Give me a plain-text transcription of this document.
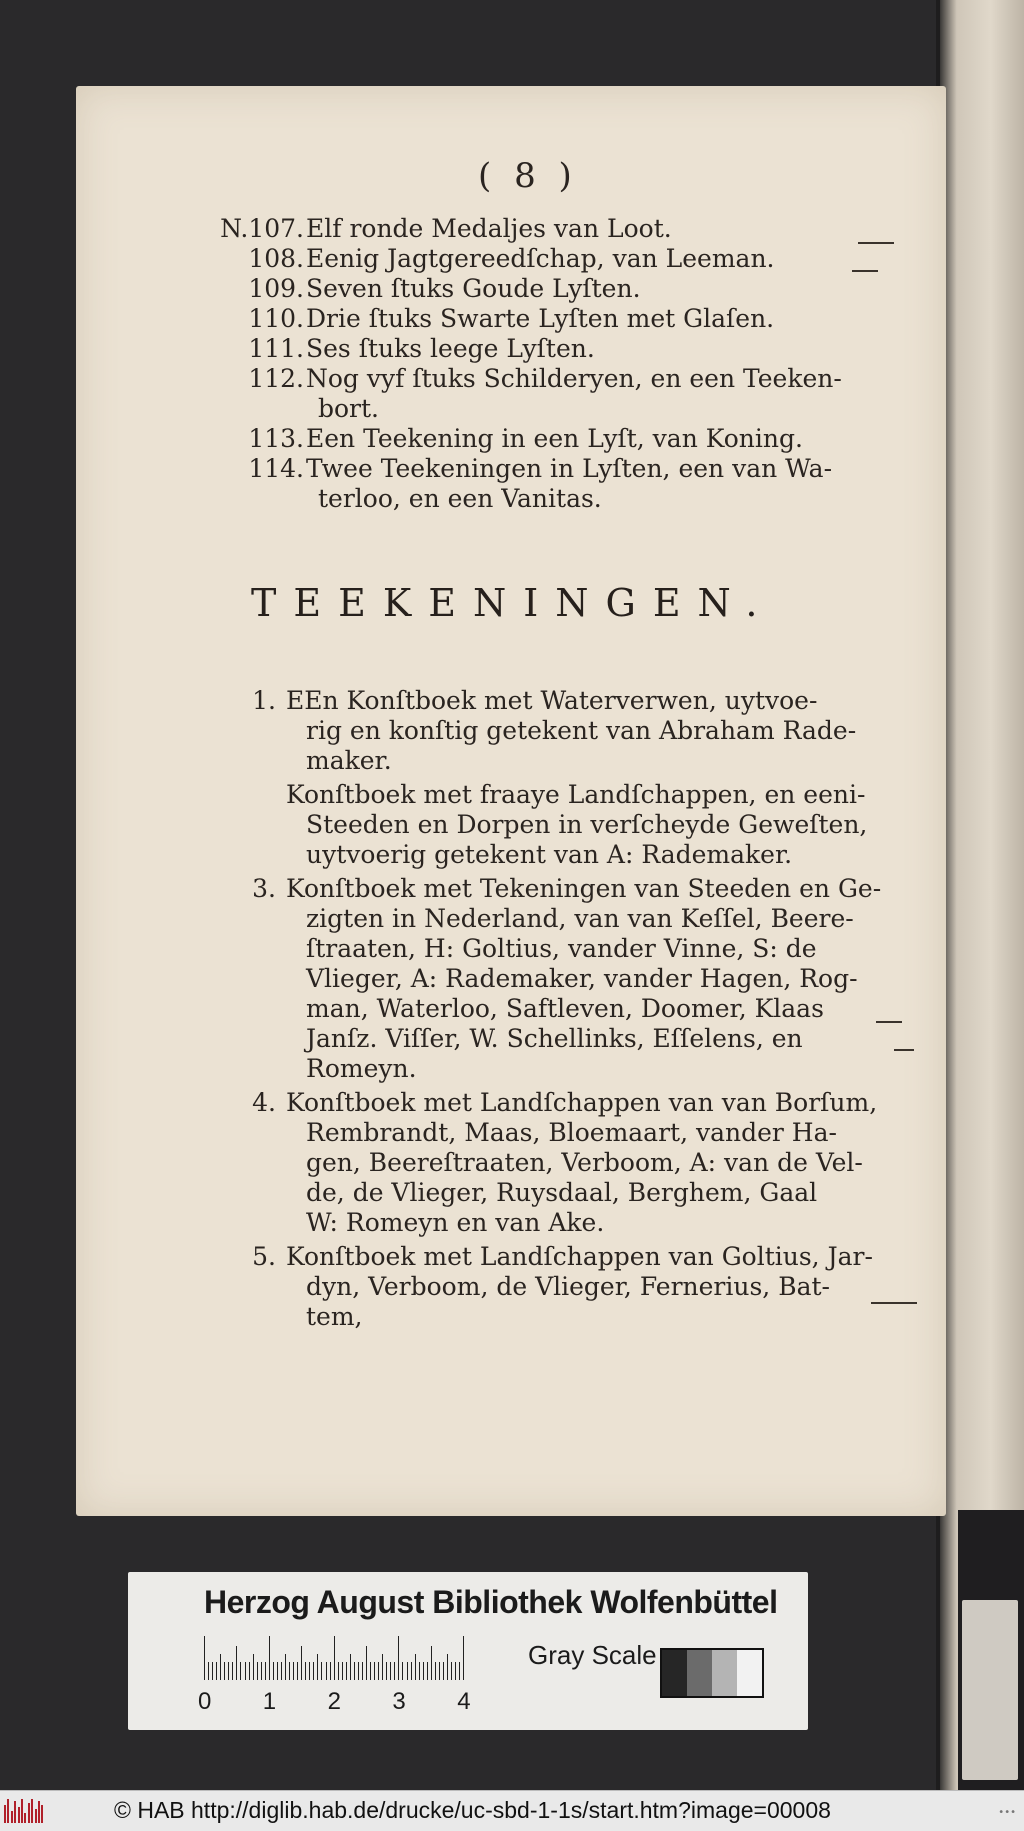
( 8 )
TEEKENINGEN.
N.107. Elf ronde Medaljes van Loot.
108. Eenig Jagtgereedſchap, van Leeman.
109. Seven ſtuks Goude Lyſten.
110. Drie ſtuks Swarte Lyſten met Glaſen.
111. Ses ſtuks leege Lyſten.
112. Nog vyf ſtuks Schilderyen, en een Teeken-
bort.
113. Een Teekening in een Lyſt, van Koning.
114. Twee Teekeningen in Lyſten, een van Wa-
terloo, en een Vanitas.
1. EEn Konſtboek met Waterverwen, uytvoe-
rig en konſtig getekent van Abraham Rade-
maker.
Konſtboek met fraaye Landſchappen, en eeni-
Steeden en Dorpen in verſcheyde Geweſten,
uytvoerig getekent van A: Rademaker.
3. Konſtboek met Tekeningen van Steeden en Ge-
zigten in Nederland, van van Keſſel, Beere-
ſtraaten, H: Goltius, vander Vinne, S: de
Vlieger, A: Rademaker, vander Hagen, Rog-
man, Waterloo, Saftleven, Doomer, Klaas
Janſz. Viſſer, W. Schellinks, Eſſelens, en
Romeyn.
4. Konſtboek met Landſchappen van van Borſum,
Rembrandt, Maas, Bloemaart, vander Ha-
gen, Beereſtraaten, Verboom, A: van de Vel-
de, de Vlieger, Ruysdaal, Berghem, Gaal
W: Romeyn en van Ake.
5. Konſtboek met Landſchappen van Goltius, Jar-
dyn, Verboom, de Vlieger, Fernerius, Bat-
tem,
Herzog August Bibliothek Wolfenbüttel
0 1 2 3 4
Gray Scale
© HAB http://diglib.hab.de/drucke/uc-sbd-1-1s/start.htm?image=00008	•••
